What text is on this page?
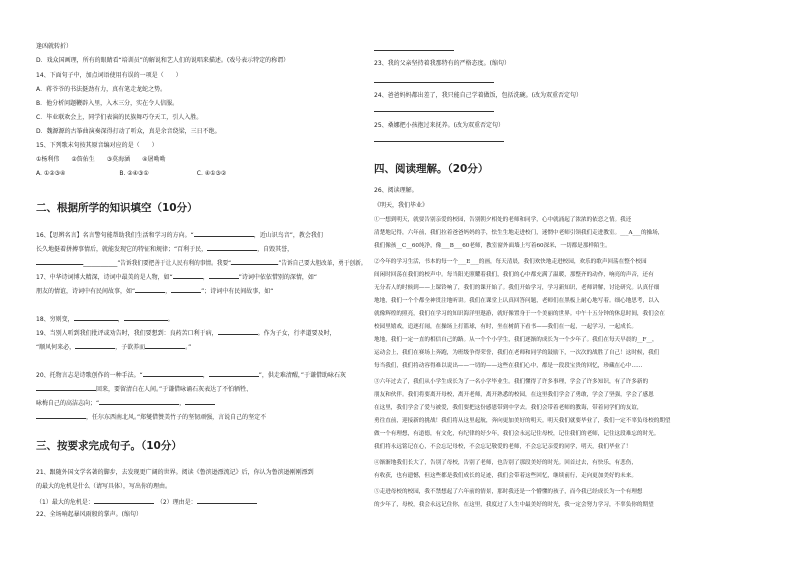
逢凶就转折）
D．戏众国画理，所有的眼睛看“培训员”的解说和艺人们的说唱来描述。(戏号表示特定的称谓）
14、下面句子中，加点词语使用有误的一项是（　　）
A．蒋爷爷的书法挺劲有力，真有笔走龙蛇之势。
B．他分析问题鞭辟入里，入木三分，实在令人信服。
C．毕业联欢会上，同学们表演的民族舞巧夺天工，引人入胜。
D．魏源源的古筝曲演奏深得打动了听众，真是余音绕梁，三日不绝。
15、下列歌末句按其原音编对应的是（　　）
①杨利伟　　②詹佑生　　③莫海涵　　④屠呦呦
A. ①②③④　　　　　　　　　B. ②④③①　　　　　　　　C. ④①③②
二、根据所学的知识填空（10分）
16、【思辨名言】名言警句能帮助我们生活和学习的方向。“	，近山识鸟音”，教会我们
长久地挺着拼搏事情后，就能发现它的特征和规律；“百利于民，	，自毁其誉，
____________”告诉我们要把善于让人民有利的事情。我要“	”告诉自己要大胆改革，勇于创新。
17、中华诗词博大精深，诗词中最美的是人物，如“	，	”诗词中依依惜别的深情，如“
朋友的情谊，诗词中有民间故事，如“	，	”；诗词中有民间故事，如“
18、穷则变，	，	。
19、当别人听到我们批评或劝告时，我们要想到：良药苦口利于病，	。作为子女，行孝道要及时，
“顺风何来必，	，子欲养而	。”
20、托物言志是诗歌创作的一种手法。“	，	”，供走难清醒，”于谦借助咏石灰
回来，要留清白在人间。”于谦借咏诵石灰表达了不怕牺牲、
咏梅自己的高洁志向；“	，
，任尔东西南北风。”郑燮借赞美竹子的坚韧顽强，言说自己的坚定不
三、按要求完成句子。（10分）
21、跟随外国文学名著的脚步，去发现更广阔的世界。阅读《鲁滨逊漂流记》后，你认为鲁滨逊刚刚漂到
的最大的危机是什么（请写具体），写出你的理由。
（1）最大的危机是：　	（2）理由是：
22、全场响起暴风雨般的掌声。(缩句）
23、我的父亲坚持着我那特有的严格态度。(缩句）
24、爸爸妈妈都出差了，我只能自己学着做饭，包括洗碗。(改为双重否定句）
25、桑娜把小孩抱过来抚养。(改为双重否定句）
四、阅读理解。（20分）
26、阅读理解。
《明天，我们毕业》
①一想到明天，就要告别亲爱的校园，告别朝夕相处的老师和同学，心中就涌起了浓浓的依恋之情。我还
清楚地记得，六年前，我们拉着爸爸妈妈的手，怯生生地走进校门，迷惘中老师引领我们走进教室。___A___的操场，
我们像孩__C__60纯净，像___B___60老师，教室窗外面墙上写着60深米，一切都是那样陌生。
②今年的学习生活，书本的每一个___E___的画，每天清晨，我们欢快地走进校园，欢乐的歌声回荡在整个校园
间闲时回荡在我们的校声中。每当阳光照耀着我们，我们的心中都充满了温暖，那整齐的动作，响亮的声音，还有
无分若人的时候到——上课铃响了，我们的课开始了。我们开始学习，学习新知识，老师讲解，讨论研究。认真仔细
地地，我们一个个都全神贯注地听讲。我们在课堂上认真回答问题，老师们在黑板上耐心地写着。细心地思考，以入
就像辉煌的照亮，我们在学习的知识海洋里遨游，就好像置身于一个美丽的世界。中午十五分钟的休息时间，我们会在
校园里嬉戏，追逐打闹，在操场上打篮球，有时，坐在树荫下看书——我们在一起，一起学习，一起成长。
地地，我们一定一直的相信自己的路。从一个个小学生，我们逐渐的成长为一个少年了。我们在每天早晨的__F__，
运动会上，我们在赛场上奔跑，为班级争得荣誉，我们在老师和同学的鼓励下，一次次的战胜了自己！这时候，我们
每当我们，我们将动容得难以说出——一切的——这些在我们心中，都是一段段宝贵的回忆，珍藏在心中……
③六年过去了，我们从小学生成长为了一名小学毕业生。我们懂得了许多事理，学会了许多知识，有了许多新的
朋友和伙伴。我们将要离开母校，离开老师，离开熟悉的校园，在这里我们学会了勇敢，学会了坚强，学会了感恩
在这里，我们学会了爱与被爱，我们要把这份感恩带到中学去。我们会带着老师的教诲，带着同学们的友谊，
勇往直前，迎接新的挑战！我们将从这里起航，奔向更加美好的明天。明天我们就要毕业了，我们一定不辜负母校的期望
做一个有理想，有道德，有文化，有纪律的好少年，我们会永远记住母校，记住我们的老师，记住这段难忘的时光。
我们将永远铭记在心，不会忘记母校，不会忘记敬爱的老师，不会忘记亲爱的同学，明天，我们毕业了！
④渐渐地我们长大了，告别了母校，告别了老师，也告别了那段美好的时光。回首过去，有快乐，有悲伤，
有收获，也有遗憾，但这些都是我们成长的足迹，我们会带着这些回忆，继续前行，走向更加美好的未来。
⑤走进母校的校园，我不禁想起了六年前的情景，那时我还是一个懵懂的孩子，而今我已经成长为一个有理想
的少年了，母校，我会永远记住你，在这里，我度过了人生中最美好的时光，我一定会努力学习，不辜负你的期望
